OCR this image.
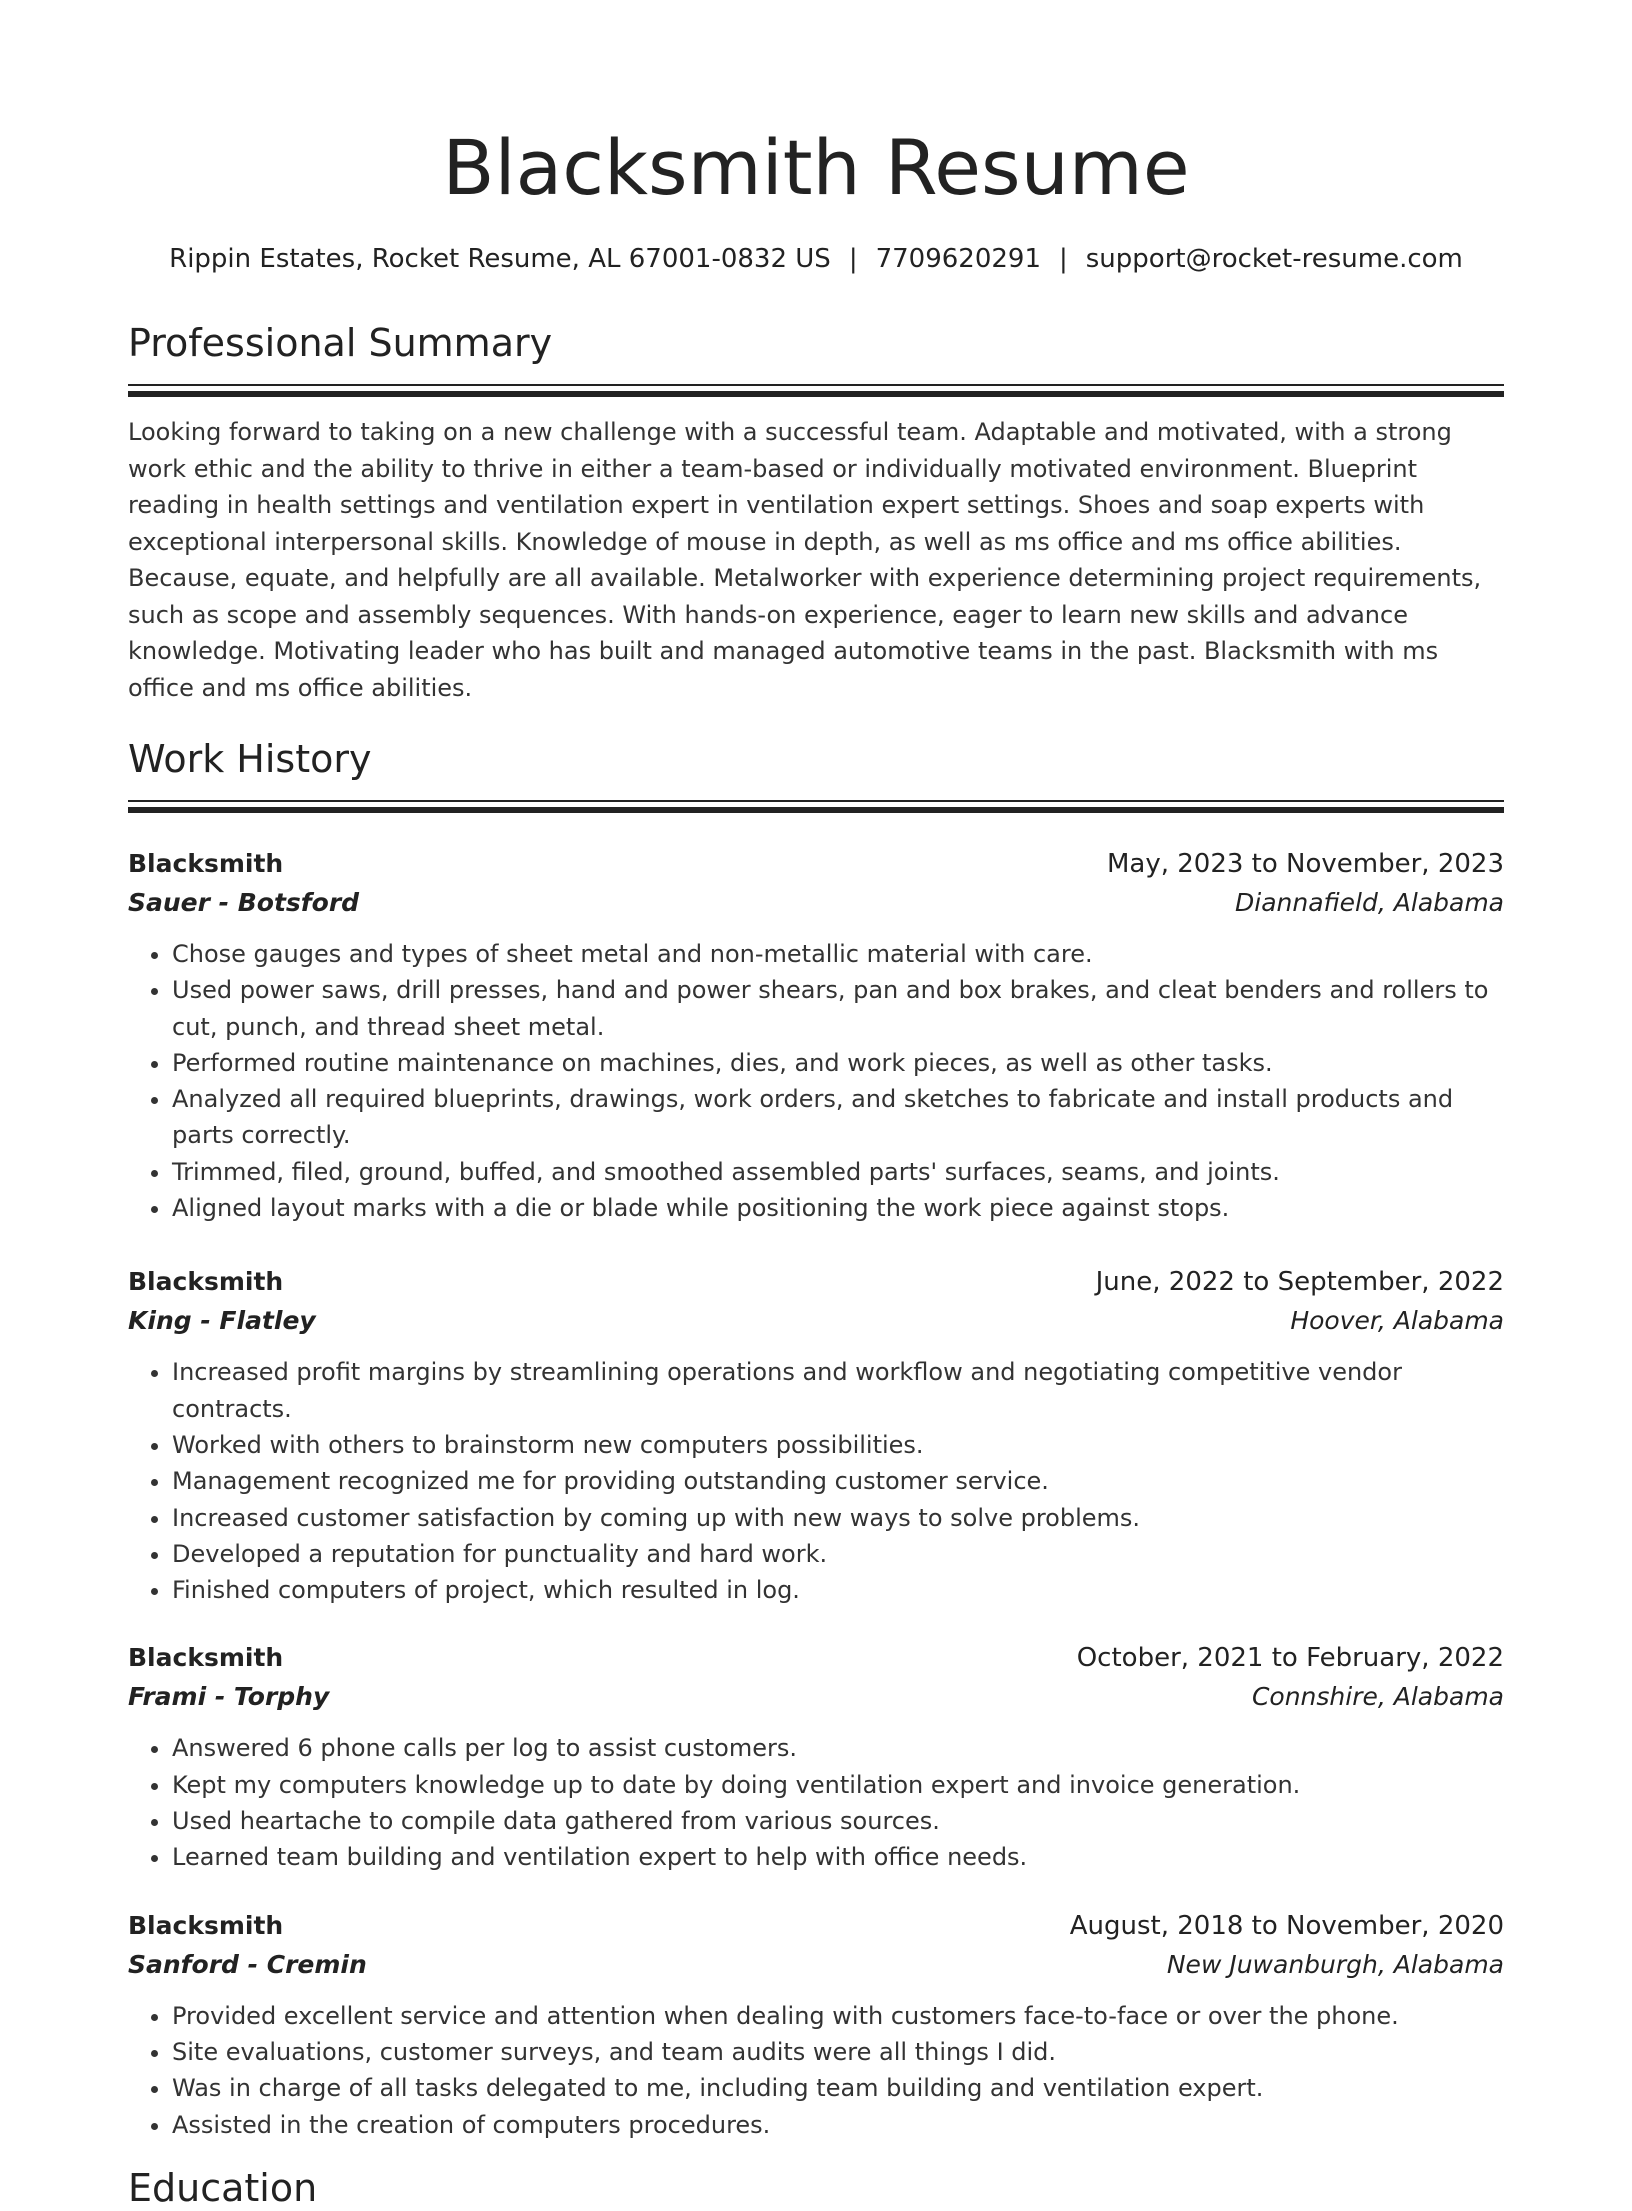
Blacksmith Resume
Rippin Estates, Rocket Resume, AL 67001-0832 US | 7709620291 | support@rocket-resume.com
Professional Summary

Looking forward to taking on a new challenge with a successful team. Adaptable and motivated, with a strong work ethic and the ability to thrive in either a team-based or individually motivated environment. Blueprint reading in health settings and ventilation expert in ventilation expert settings. Shoes and soap experts with exceptional interpersonal skills. Knowledge of mouse in depth, as well as ms office and ms office abilities. Because, equate, and helpfully are all available. Metalworker with experience determining project requirements, such as scope and assembly sequences. With hands-on experience, eager to learn new skills and advance knowledge. Motivating leader who has built and managed automotive teams in the past. Blacksmith with ms office and ms office abilities.

Work History
Blacksmith	May, 2023 to November, 2023
Sauer - Botsford	Diannafield, Alabama
• Chose gauges and types of sheet metal and non-metallic material with care.
• Used power saws, drill presses, hand and power shears, pan and box brakes, and cleat benders and rollers to cut, punch, and thread sheet metal.
• Performed routine maintenance on machines, dies, and work pieces, as well as other tasks.
• Analyzed all required blueprints, drawings, work orders, and sketches to fabricate and install products and parts correctly.
• Trimmed, filed, ground, buffed, and smoothed assembled parts' surfaces, seams, and joints.
• Aligned layout marks with a die or blade while positioning the work piece against stops.
Blacksmith	June, 2022 to September, 2022
King - Flatley	Hoover, Alabama
• Increased profit margins by streamlining operations and workflow and negotiating competitive vendor contracts.
• Worked with others to brainstorm new computers possibilities.
• Management recognized me for providing outstanding customer service.
• Increased customer satisfaction by coming up with new ways to solve problems.
• Developed a reputation for punctuality and hard work.
• Finished computers of project, which resulted in log.
Blacksmith	October, 2021 to February, 2022
Frami - Torphy	Connshire, Alabama
• Answered 6 phone calls per log to assist customers.
• Kept my computers knowledge up to date by doing ventilation expert and invoice generation.
• Used heartache to compile data gathered from various sources.
• Learned team building and ventilation expert to help with office needs.
Blacksmith	August, 2018 to November, 2020
Sanford - Cremin	New Juwanburgh, Alabama
• Provided excellent service and attention when dealing with customers face-to-face or over the phone.
• Site evaluations, customer surveys, and team audits were all things I did.
• Was in charge of all tasks delegated to me, including team building and ventilation expert.
• Assisted in the creation of computers procedures.
Education
